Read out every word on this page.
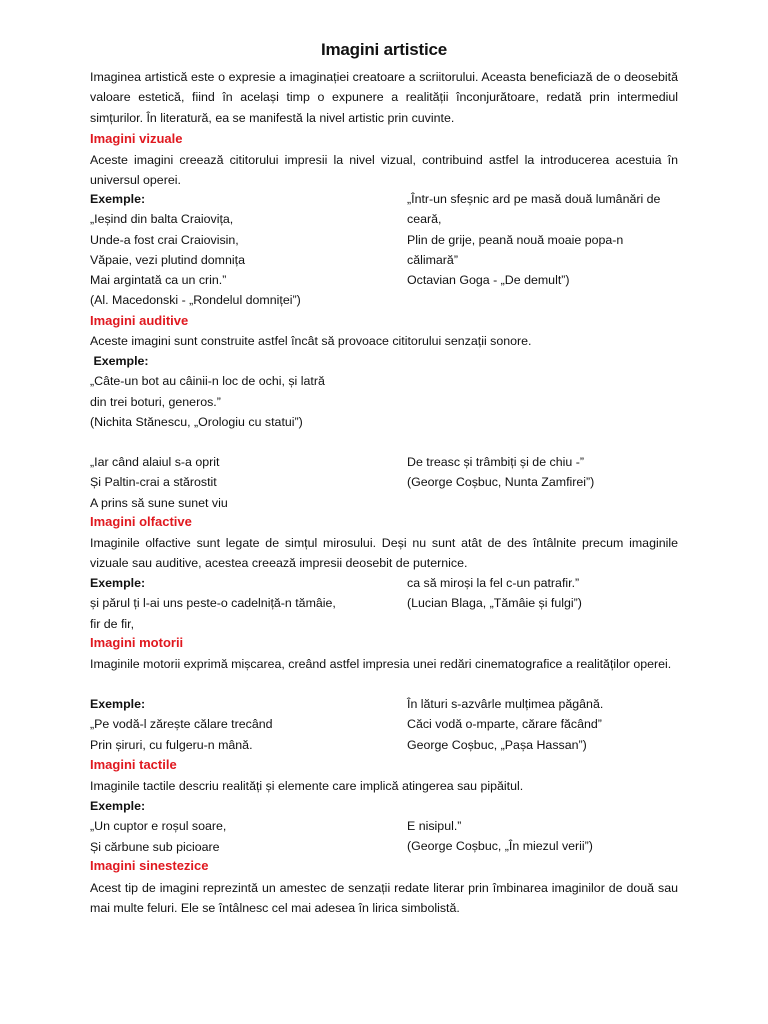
Imagini artistice
Imaginea artistică este o expresie a imaginației creatoare a scriitorului. Aceasta beneficiază de o deosebită valoare estetică, fiind în același timp o expunere a realității înconjurătoare, redată prin intermediul simțurilor. În literatură, ea se manifestă la nivel artistic prin cuvinte.
Imagini vizuale
Aceste imagini creează cititorului impresii la nivel vizual, contribuind astfel la introducerea acestuia în universul operei.
Exemple:
„Ieșind din balta Craiovița,
Unde-a fost crai Craiovisin,
Văpaie, vezi plutind domnița
Mai argintată ca un crin.”
(Al. Macedonski - „Rondelul domniței”)
„Într-un sfeșnic ard pe masă două lumânări de
ceară,
Plin de grije, peană nouă moaie popa-n
călimară”
Octavian Goga - „De demult”)
Imagini auditive
Aceste imagini sunt construite astfel încât să provoace cititorului senzații sonore.
Exemple:
„Câte-un bot au câinii-n loc de ochi, și latră
din trei boturi, generos.”
(Nichita Stănescu, „Orologiu cu statui”)
„Iar când alaiul s-a oprit
Și Paltin-crai a stărostit
A prins să sune sunet viu
De treasc și trâmbiți și de chiu -”
(George Coșbuc, Nunta Zamfirei”)
Imagini olfactive
Imaginile olfactive sunt legate de simțul mirosului. Deși nu sunt atât de des întâlnite precum imaginile vizuale sau auditive, acestea creează impresii deosebit de puternice.
Exemple:
și părul ți l-ai uns peste-o cadelniță-n tămâie,
fir de fir,
ca să miroși la fel c-un patrafir.”
(Lucian Blaga, „Tămâie și fulgi”)
Imagini motorii
Imaginile motorii exprimă mișcarea, creând astfel impresia unei redări cinematografice a realităților operei.
Exemple:
„Pe vodă-l zărește călare trecând
Prin șiruri, cu fulgeru-n mână.
În lături s-azvârle mulțimea păgână.
Căci vodă o-mparte, cărare făcând”
George Coșbuc, „Pașa Hassan”)
Imagini tactile
Imaginile tactile descriu realități și elemente care implică atingerea sau pipăitul.
Exemple:
„Un cuptor e roșul soare,
Și cărbune sub picioare
E nisipul.”
(George Coșbuc, „În miezul verii”)
Imagini sinestezice
Acest tip de imagini reprezintă un amestec de senzații redate literar prin îmbinarea imaginilor de două sau mai multe feluri. Ele se întâlnesc cel mai adesea în lirica simbolistă.
